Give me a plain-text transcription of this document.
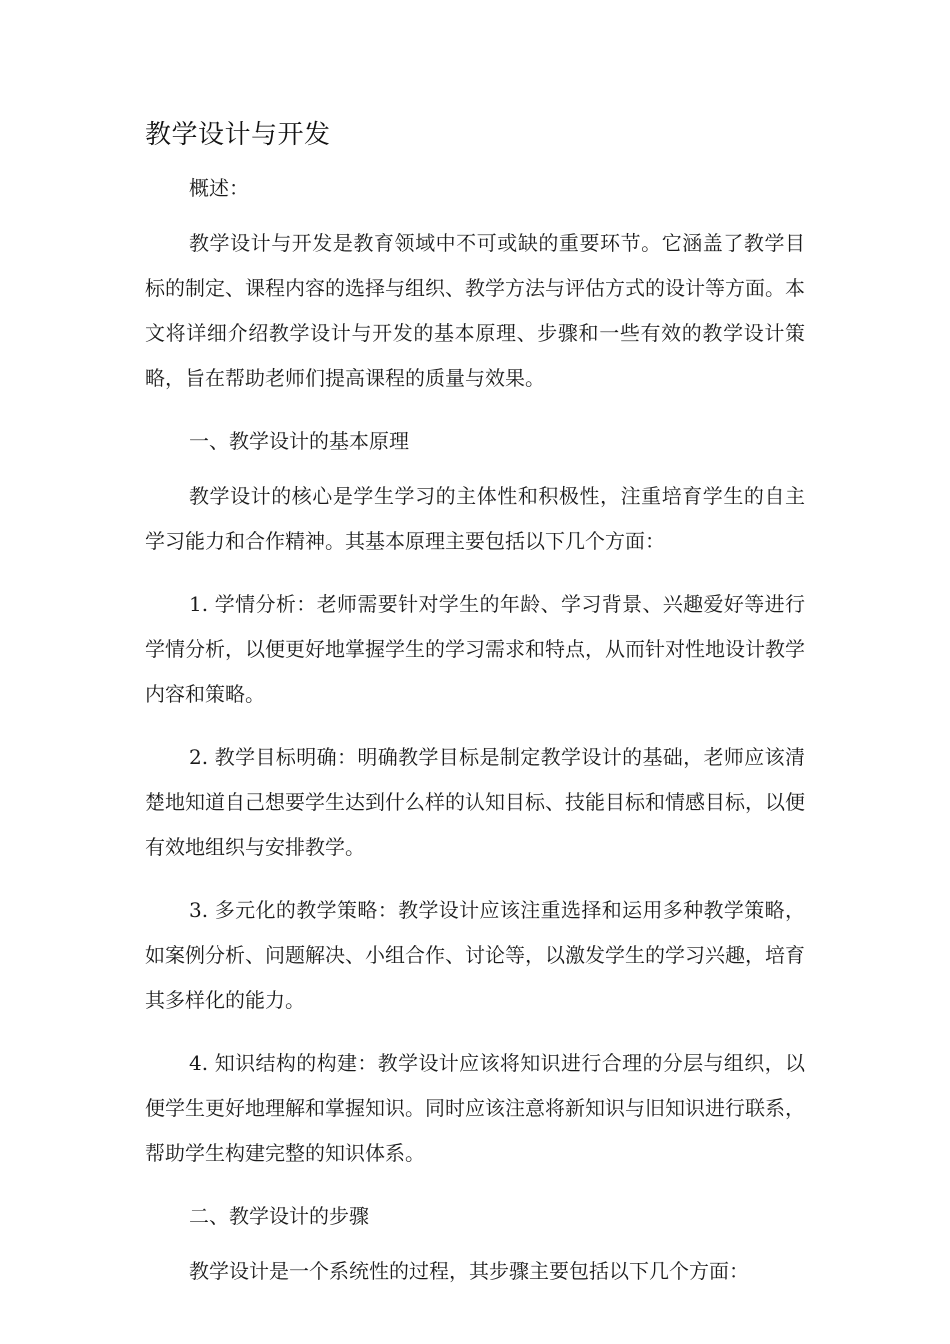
教学设计与开发

概述：

教学设计与开发是教育领域中不可或缺的重要环节。它涵盖了教学目标的制定、课程内容的选择与组织、教学方法与评估方式的设计等方面。本文将详细介绍教学设计与开发的基本原理、步骤和一些有效的教学设计策略，旨在帮助老师们提高课程的质量与效果。

一、教学设计的基本原理

教学设计的核心是学生学习的主体性和积极性，注重培育学生的自主学习能力和合作精神。其基本原理主要包括以下几个方面：

1. 学情分析：老师需要针对学生的年龄、学习背景、兴趣爱好等进行学情分析，以便更好地掌握学生的学习需求和特点，从而针对性地设计教学内容和策略。

2. 教学目标明确：明确教学目标是制定教学设计的基础，老师应该清楚地知道自己想要学生达到什么样的认知目标、技能目标和情感目标，以便有效地组织与安排教学。

3. 多元化的教学策略：教学设计应该注重选择和运用多种教学策略，如案例分析、问题解决、小组合作、讨论等，以激发学生的学习兴趣，培育其多样化的能力。

4. 知识结构的构建：教学设计应该将知识进行合理的分层与组织，以便学生更好地理解和掌握知识。同时应该注意将新知识与旧知识进行联系，帮助学生构建完整的知识体系。

二、教学设计的步骤

教学设计是一个系统性的过程，其步骤主要包括以下几个方面：
